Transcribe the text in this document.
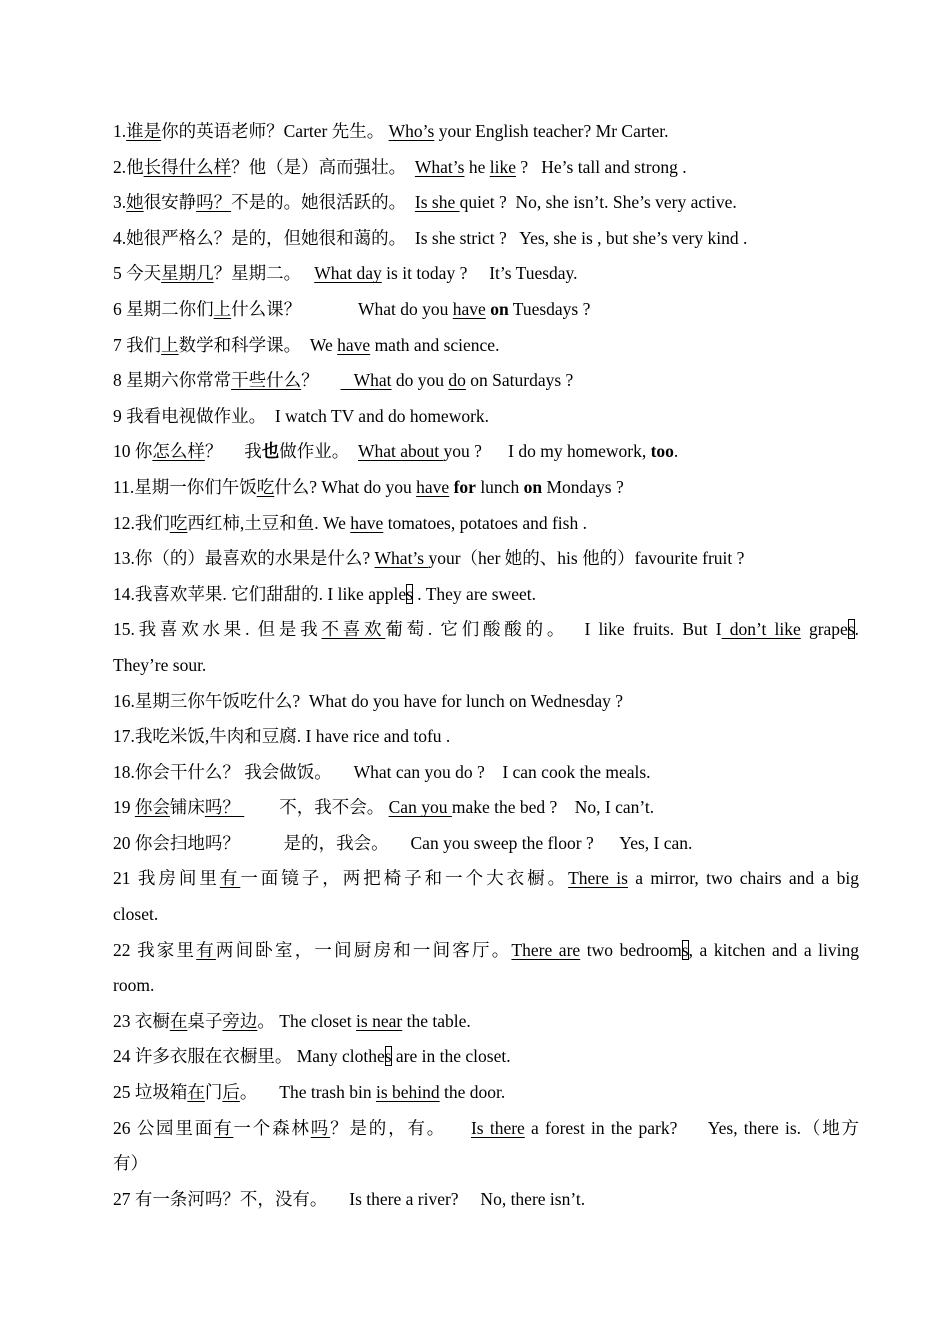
1.谁是你的英语老师？Carter 先生。 Who’s your English teacher? Mr Carter.
2.他长得什么样？他（是）高而强壮。  What’s he like ?   He’s tall and strong .
3.她很安静吗？不是的。她很活跃的。  Is she quiet ?  No, she isn’t. She’s very active.
4.她很严格么？是的，但她很和蔼的。  Is she strict ?   Yes, she is , but she’s very kind .
5 今天星期几？星期二。   What day is it today ?     It’s Tuesday.
6 星期二你们上什么课？             What do you have on Tuesdays ?
7 我们上数学和科学课。  We have math and science.
8 星期六你常常干些什么？        What do you do on Saturdays ?
9 我看电视做作业。  I watch TV and do homework.
10 你怎么样？     我也做作业。  What about you ?      I do my homework, too.
11.星期一你们午饭吃什么? What do you have for lunch on Mondays ?
12.我们吃西红柿,土豆和鱼. We have tomatoes, potatoes and fish .
13.你（的）最喜欢的水果是什么? What’s your（her 她的、his 他的）favourite fruit ?
14.我喜欢苹果. 它们甜甜的. I like apples . They are sweet.
15.我喜欢水果. 但是我不喜欢葡萄. 它们酸酸的。  I like fruits. But I don’t like grapes.
They’re sour.
16.星期三你午饭吃什么?  What do you have for lunch on Wednesday ?
17.我吃米饭,牛肉和豆腐. I have rice and tofu .
18.你会干什么？ 我会做饭。     What can you do ?    I can cook the meals.
19 你会铺床吗？         不，我不会。 Can you make the bed ?    No, I can’t.
20 你会扫地吗？          是的，我会。     Can you sweep the floor ?      Yes, I can.
21 我房间里有一面镜子，两把椅子和一个大衣橱。There is a mirror, two chairs and a big
closet.
22 我家里有两间卧室，一间厨房和一间客厅。There are two bedrooms, a kitchen and a living
room.
23 衣橱在桌子旁边。 The closet is near the table.
24 许多衣服在衣橱里。 Many clothes are in the closet.
25 垃圾箱在门后。     The trash bin is behind the door.
26 公园里面有一个森林吗？是的，有。    Is there a forest in the park?     Yes, there is.（地方
有）
27 有一条河吗？不，没有。     Is there a river?     No, there isn’t.
